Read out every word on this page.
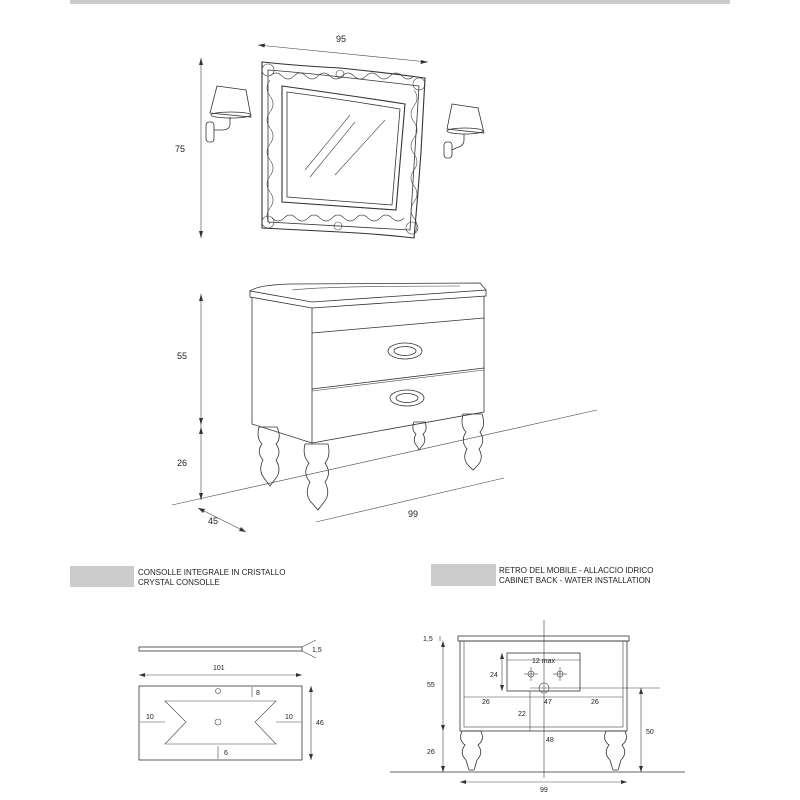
95
75
55
26
45
99
CONSOLLE INTEGRALE IN CRISTALLO
CRYSTAL CONSOLLE
1,5
101
8
10	10
6
46
RETRO DEL MOBILE - ALLACCIO IDRICO
CABINET BACK - WATER INSTALLATION
12 max
1,5
55
26
24
26	47	26
22
48
50
99
